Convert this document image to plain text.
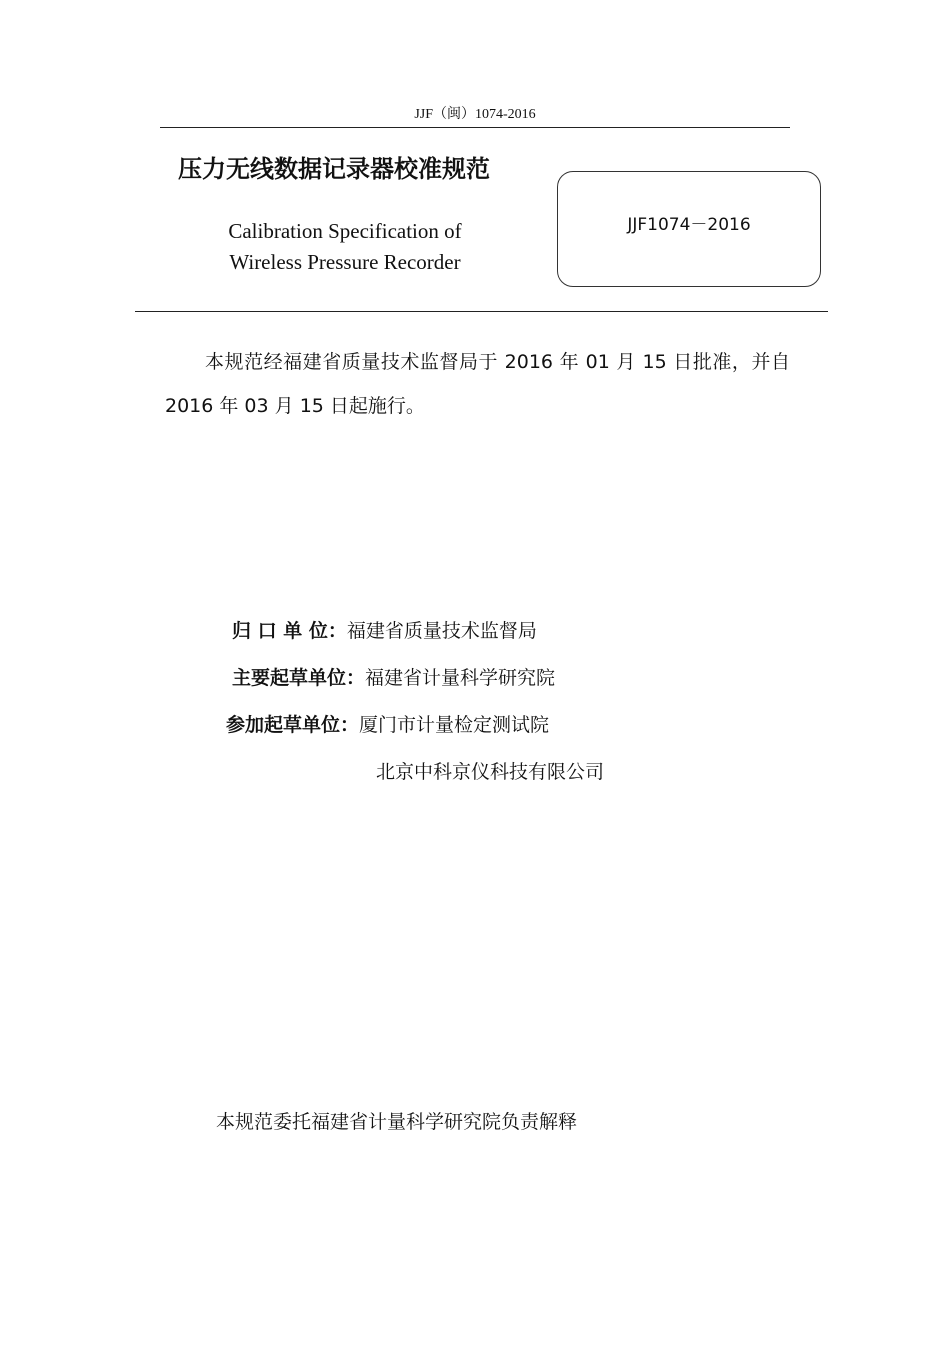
JJF（闽）1074-2016
压力无线数据记录器校准规范
Calibration Specification of
Wireless Pressure Recorder
JJF1074－2016
本规范经福建省质量技术监督局于 2016 年 01 月 15 日批准，并自 2016 年 03 月 15 日起施行。
归 口 单 位：福建省质量技术监督局
主要起草单位：福建省计量科学研究院
参加起草单位：厦门市计量检定测试院
北京中科京仪科技有限公司
本规范委托福建省计量科学研究院负责解释
